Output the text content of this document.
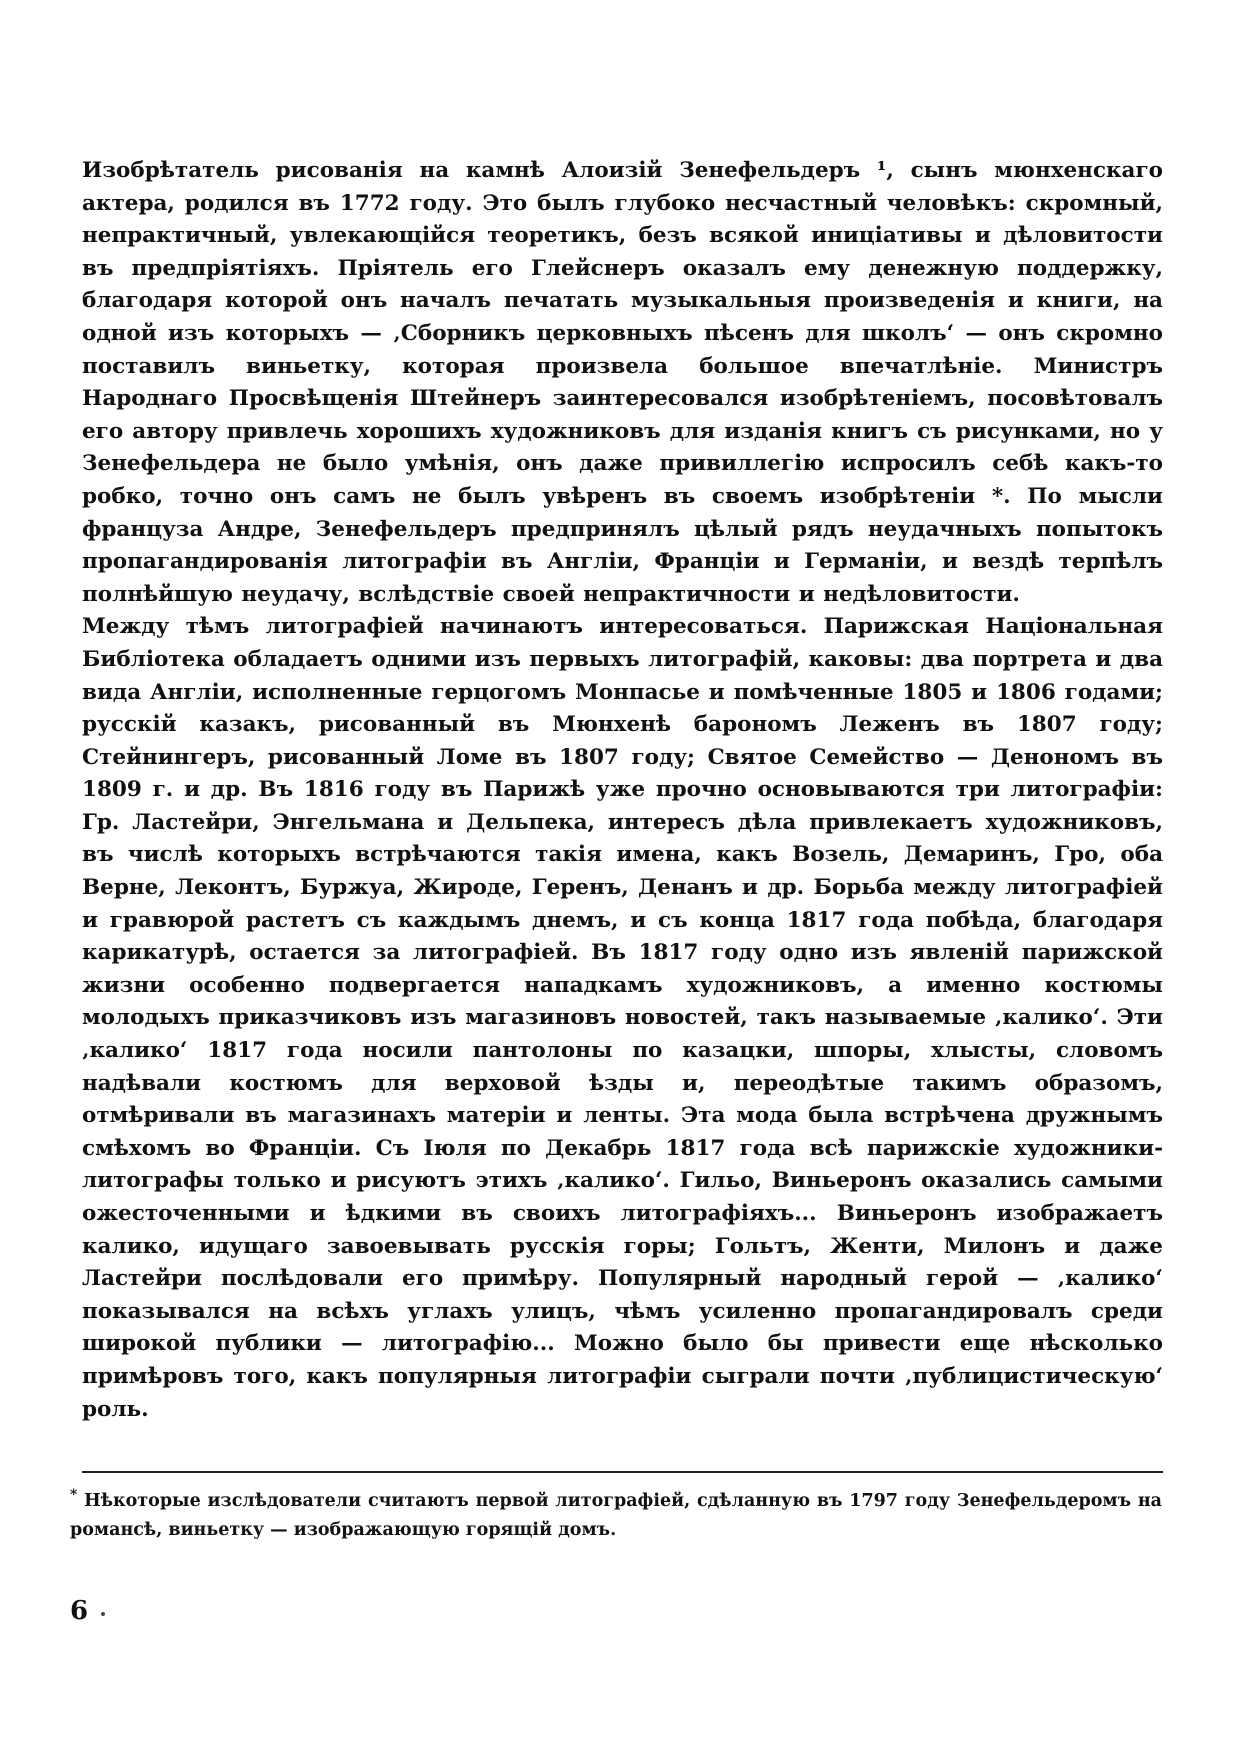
Изобрѣтатель рисованія на камнѣ Алоизій Зенефельдеръ ¹, сынъ мюнхенскаго актера, родился въ 1772 году. Это былъ глубоко несчастный человѣкъ: скромный, непрактичный, увлекающійся теоретикъ, безъ всякой иниціативы и дѣловитости въ предпріятіяхъ. Пріятель его Глейснеръ оказалъ ему денежную поддержку, благодаря которой онъ началъ печатать музыкальныя произведенія и книги, на одной изъ которыхъ — ‚Сборникъ церковныхъ пѣсенъ для школъ‘ — онъ скромно поставилъ виньетку, которая произвела большое впечатлѣніе. Министръ Народнаго Просвѣщенія Штейнеръ заинтересовался изобрѣтеніемъ, посовѣтовалъ его автору привлечь хорошихъ художниковъ для изданія книгъ съ рисунками, но у Зенефельдера не было умѣнія, онъ даже привиллегію испросилъ себѣ какъ-то робко, точно онъ самъ не былъ увѣренъ въ своемъ изобрѣтеніи *. По мысли француза Андре, Зенефельдеръ предпринялъ цѣлый рядъ неудачныхъ попытокъ пропагандированія литографіи въ Англіи, Франціи и Германіи, и вездѣ терпѣлъ полнѣйшую неудачу, вслѣдствіе своей непрактичности и недѣловитости.

Между тѣмъ литографіей начинаютъ интересоваться. Парижская Національная Библіотека обладаетъ одними изъ первыхъ литографій, каковы: два портрета и два вида Англіи, исполненные герцогомъ Монпасье и помѣченные 1805 и 1806 годами; русскій казакъ, рисованный въ Мюнхенѣ барономъ Леженъ въ 1807 году; Стейнингеръ, рисованный Ломе въ 1807 году; Святое Семейство — Денономъ въ 1809 г. и др. Въ 1816 году въ Парижѣ уже прочно основываются три литографіи: Гр. Ластейри, Энгельмана и Дельпека, интересъ дѣла привлекаетъ художниковъ, въ числѣ которыхъ встрѣчаются такія имена, какъ Возель, Демаринъ, Гро, оба Верне, Леконтъ, Буржуа, Жироде, Геренъ, Денанъ и др. Борьба между литографіей и гравюрой растетъ съ каждымъ днемъ, и съ конца 1817 года побѣда, благодаря карикатурѣ, остается за литографіей. Въ 1817 году одно изъ явленій парижской жизни особенно подвергается нападкамъ художниковъ, а именно костюмы молодыхъ приказчиковъ изъ магазиновъ новостей, такъ называемые ‚калико‘. Эти ‚калико‘ 1817 года носили пантолоны по казацки, шпоры, хлысты, словомъ надѣвали костюмъ для верховой ѣзды и, переодѣтые такимъ образомъ, отмѣривали въ магазинахъ матеріи и ленты. Эта мода была встрѣчена дружнымъ смѣхомъ во Франціи. Съ Іюля по Декабрь 1817 года всѣ парижскіе художники-литографы только и рисуютъ этихъ ‚калико‘. Гильо, Виньеронъ оказались самыми ожесточенными и ѣдкими въ своихъ литографіяхъ... Виньеронъ изображаетъ калико, идущаго завоевывать русскія горы; Гольтъ, Женти, Милонъ и даже Ластейри послѣдовали его примѣру. Популярный народный герой — ‚калико‘ показывался на всѣхъ углахъ улицъ, чѣмъ усиленно пропагандировалъ среди широкой публики — литографію... Можно было бы привести еще нѣсколько примѣровъ того, какъ популярныя литографіи сыграли почти ‚публицистическую‘ роль.

* Нѣкоторые изслѣдователи считаютъ первой литографіей, сдѣланную въ 1797 году Зенефельдеромъ на романсѣ, виньетку — изображающую горящій домъ.
6
